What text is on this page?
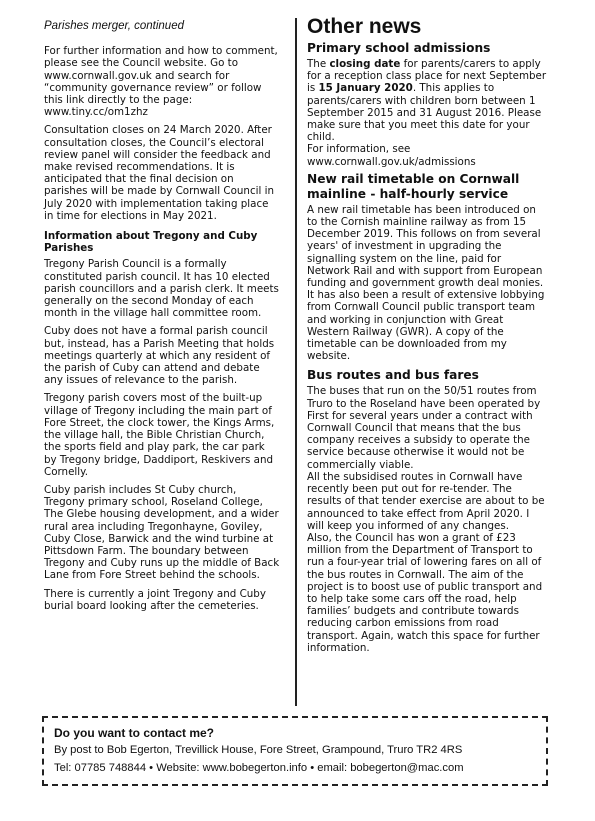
Parishes merger, continued

For further information and how to comment, please see the Council website. Go to www.cornwall.gov.uk and search for “community governance review” or follow this link directly to the page: www.tiny.cc/om1zhz

Consultation closes on 24 March 2020. After consultation closes, the Council’s electoral review panel will consider the feedback and make revised recommendations. It is anticipated that the final decision on parishes will be made by Cornwall Council in July 2020 with implementation taking place in time for elections in May 2021.

Information about Tregony and Cuby Parishes

Tregony Parish Council is a formally constituted parish council. It has 10 elected parish councillors and a parish clerk. It meets generally on the second Monday of each month in the village hall committee room.

Cuby does not have a formal parish council but, instead, has a Parish Meeting that holds meetings quarterly at which any resident of the parish of Cuby can attend and debate any issues of relevance to the parish.

Tregony parish covers most of the built-up village of Tregony including the main part of Fore Street, the clock tower, the Kings Arms, the village hall, the Bible Christian Church, the sports field and play park, the car park by Tregony bridge, Daddiport, Reskivers and Cornelly.

Cuby parish includes St Cuby church, Tregony primary school, Roseland College, The Glebe housing development, and a wider rural area including Tregonhayne, Goviley, Cuby Close, Barwick and the wind turbine at Pittsdown Farm. The boundary between Tregony and Cuby runs up the middle of Back Lane from Fore Street behind the schools.

There is currently a joint Tregony and Cuby burial board looking after the cemeteries.

Other news
Primary school admissions

The closing date for parents/carers to apply for a reception class place for next September is 15 January 2020. This applies to parents/carers with children born between 1 September 2015 and 31 August 2016. Please make sure that you meet this date for your child.

For information, see
www.cornwall.gov.uk/admissions
New rail timetable on Cornwall mainline - half-hourly service

A new rail timetable has been introduced on to the Cornish mainline railway as from 15 December 2019. This follows on from several years' of investment in upgrading the signalling system on the line, paid for Network Rail and with support from European funding and government growth deal monies. It has also been a result of extensive lobbying from Cornwall Council public transport team and working in conjunction with Great Western Railway (GWR). A copy of the timetable can be downloaded from my website.

Bus routes and bus fares

The buses that run on the 50/51 routes from Truro to the Roseland have been operated by First for several years under a contract with Cornwall Council that means that the bus company receives a subsidy to operate the service because otherwise it would not be commercially viable.

All the subsidised routes in Cornwall have recently been put out for re-tender. The results of that tender exercise are about to be announced to take effect from April 2020. I will keep you informed of any changes.

Also, the Council has won a grant of £23 million from the Department of Transport to run a four-year trial of lowering fares on all of the bus routes in Cornwall. The aim of the project is to boost use of public transport and to help take some cars off the road, help families’ budgets and contribute towards reducing carbon emissions from road transport. Again, watch this space for further information.

Do you want to contact me?
By post to Bob Egerton, Trevillick House, Fore Street, Grampound, Truro TR2 4RS
Tel: 07785 748844 • Website: www.bobegerton.info • email: bobegerton@mac.com
